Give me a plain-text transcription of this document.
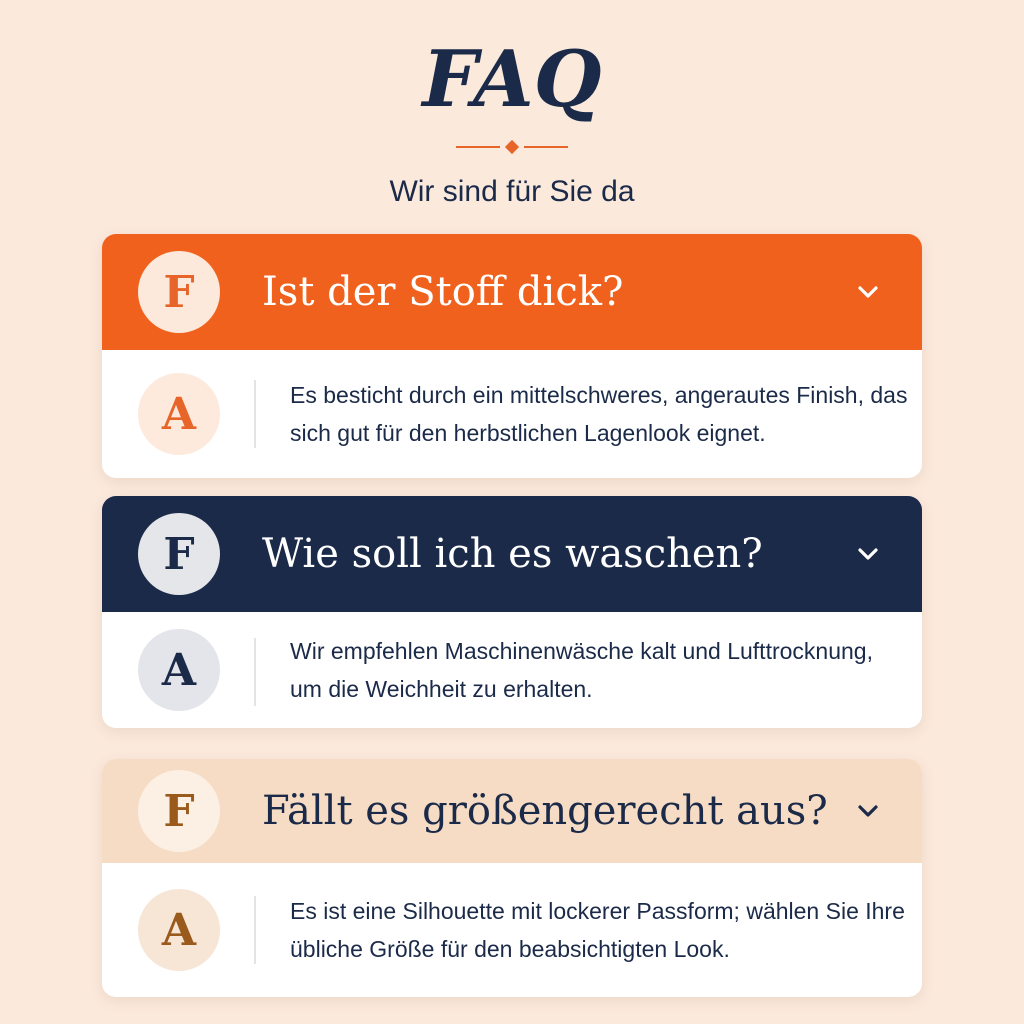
FAQ
Wir sind für Sie da
F	Ist der Stoff dick?
A	Es besticht durch ein mittelschweres, angerautes Finish, das sich gut für den herbstlichen Lagenlook eignet.
F	Wie soll ich es waschen?
A	Wir empfehlen Maschinenwäsche kalt und Lufttrocknung, um die Weichheit zu erhalten.
F	Fällt es größengerecht aus?
A	Es ist eine Silhouette mit lockerer Passform; wählen Sie Ihre übliche Größe für den beabsichtigten Look.
